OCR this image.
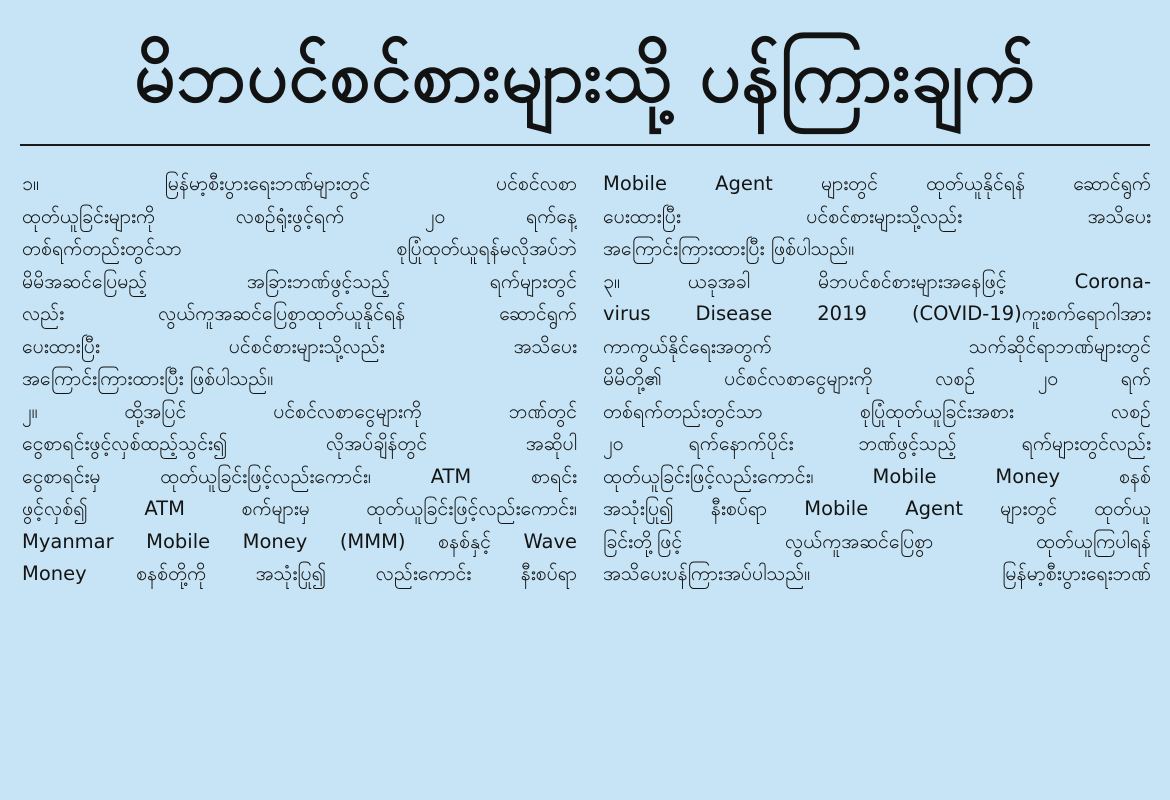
မိဘပင်စင်စားများသို့ ပန်ကြားချက်
၁။ မြန်မာ့စီးပွားရေးဘဏ်များတွင် ပင်စင်လစာ
ထုတ်ယူခြင်းများကို လစဉ်ရုံးဖွင့်ရက် ၂၀ ရက်နေ့
တစ်ရက်တည်းတွင်သာ စုပြုံထုတ်ယူရန်မလိုအပ်ဘဲ
မိမိအဆင်ပြေမည့် အခြားဘဏ်ဖွင့်သည့် ရက်များတွင်
လည်း လွယ်ကူအဆင်ပြေစွာထုတ်ယူနိုင်ရန် ဆောင်ရွက်
ပေးထားပြီး ပင်စင်စားများသို့လည်း အသိပေး
အကြောင်းကြားထားပြီး ဖြစ်ပါသည်။
၂။ ထို့အပြင် ပင်စင်လစာငွေများကို ဘဏ်တွင်
ငွေစာရင်းဖွင့်လှစ်ထည့်သွင်း၍ လိုအပ်ချိန်တွင် အဆိုပါ
ငွေစာရင်းမှ ထုတ်ယူခြင်းဖြင့်လည်းကောင်း၊ ATM စာရင်း
ဖွင့်လှစ်၍ ATM စက်များမှ ထုတ်ယူခြင်းဖြင့်လည်းကောင်း၊
Myanmar Mobile Money (MMM) စနစ်နှင့် Wave
Money စနစ်တို့ကို အသုံးပြု၍ လည်းကောင်း နီးစပ်ရာ
Mobile Agent များတွင် ထုတ်ယူနိုင်ရန် ဆောင်ရွက်
ပေးထားပြီး ပင်စင်စားများသို့လည်း အသိပေး
အကြောင်းကြားထားပြီး ဖြစ်ပါသည်။
၃။ ယခုအခါ မိဘပင်စင်စားများအနေဖြင့် Corona-
virus Disease 2019 (COVID-19)ကူးစက်ရောဂါအား
ကာကွယ်နိုင်ရေးအတွက် သက်ဆိုင်ရာဘဏ်များတွင်
မိမိတို့၏ ပင်စင်လစာငွေများကို လစဉ် ၂၀ ရက်
တစ်ရက်တည်းတွင်သာ စုပြုံထုတ်ယူခြင်းအစား လစဉ်
၂၀ ရက်နောက်ပိုင်း ဘဏ်ဖွင့်သည့် ရက်များတွင်လည်း
ထုတ်ယူခြင်းဖြင့်လည်းကောင်း၊ Mobile Money စနစ်
အသုံးပြု၍ နီးစပ်ရာ Mobile Agent များတွင် ထုတ်ယူ
ခြင်းတို့ဖြင့် လွယ်ကူအဆင်ပြေစွာ ထုတ်ယူကြပါရန်
အသိပေးပန်ကြားအပ်ပါသည်။ မြန်မာ့စီးပွားရေးဘဏ်
